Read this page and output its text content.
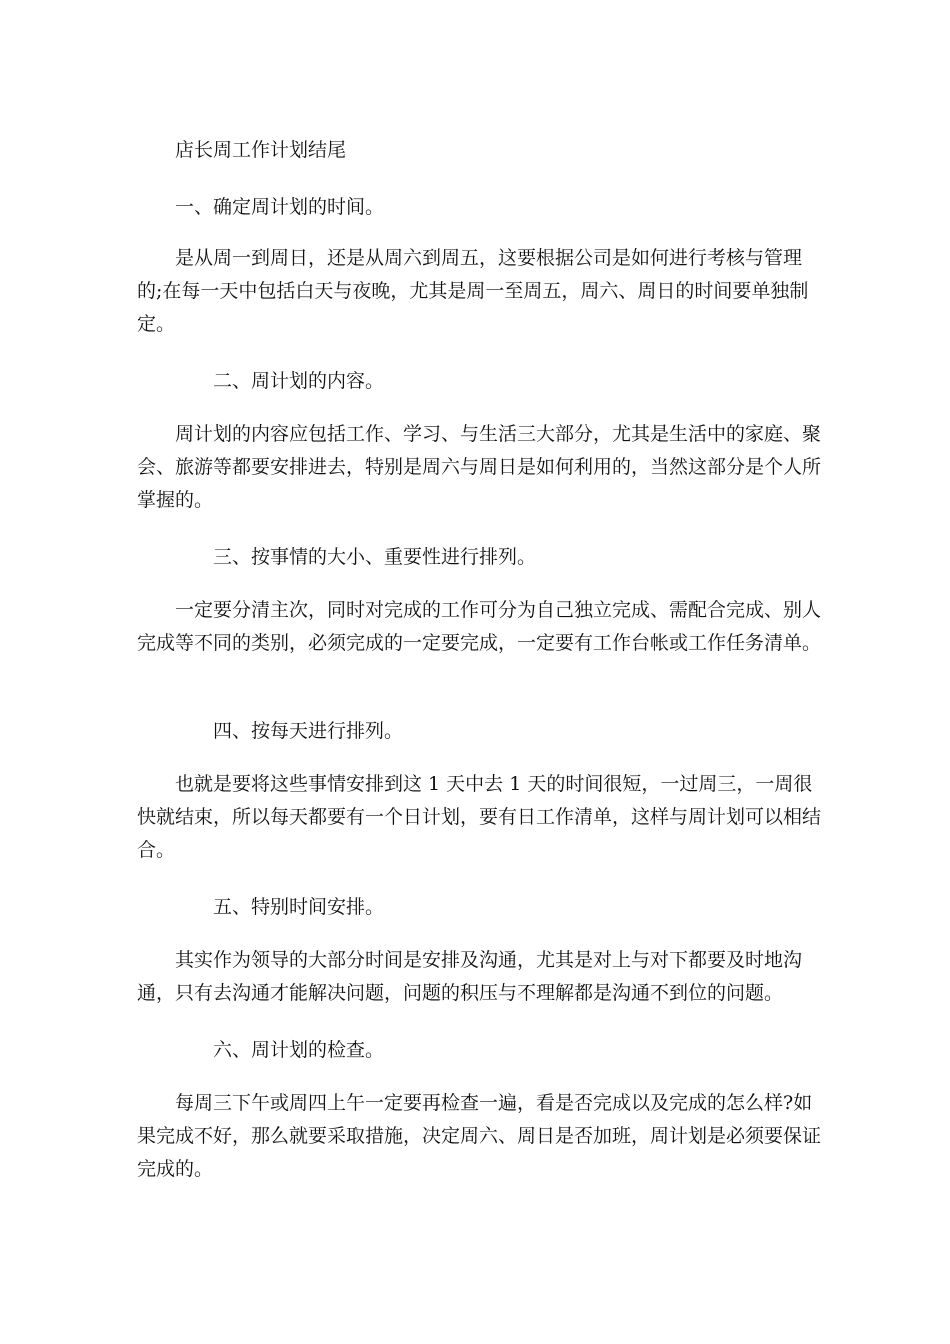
店长周工作计划结尾
一、确定周计划的时间。
是从周一到周日，还是从周六到周五，这要根据公司是如何进行考核与管理的;在每一天中包括白天与夜晚，尤其是周一至周五，周六、周日的时间要单独制定。
二、周计划的内容。
周计划的内容应包括工作、学习、与生活三大部分，尤其是生活中的家庭、聚会、旅游等都要安排进去，特别是周六与周日是如何利用的，当然这部分是个人所掌握的。
三、按事情的大小、重要性进行排列。
一定要分清主次，同时对完成的工作可分为自己独立完成、需配合完成、别人完成等不同的类别，必须完成的一定要完成，一定要有工作台帐或工作任务清单。
四、按每天进行排列。
也就是要将这些事情安排到这 1 天中去 1 天的时间很短，一过周三，一周很快就结束，所以每天都要有一个日计划，要有日工作清单，这样与周计划可以相结合。
五、特别时间安排。
其实作为领导的大部分时间是安排及沟通，尤其是对上与对下都要及时地沟通，只有去沟通才能解决问题，问题的积压与不理解都是沟通不到位的问题。
六、周计划的检查。
每周三下午或周四上午一定要再检查一遍，看是否完成以及完成的怎么样?如果完成不好，那么就要采取措施，决定周六、周日是否加班，周计划是必须要保证完成的。
